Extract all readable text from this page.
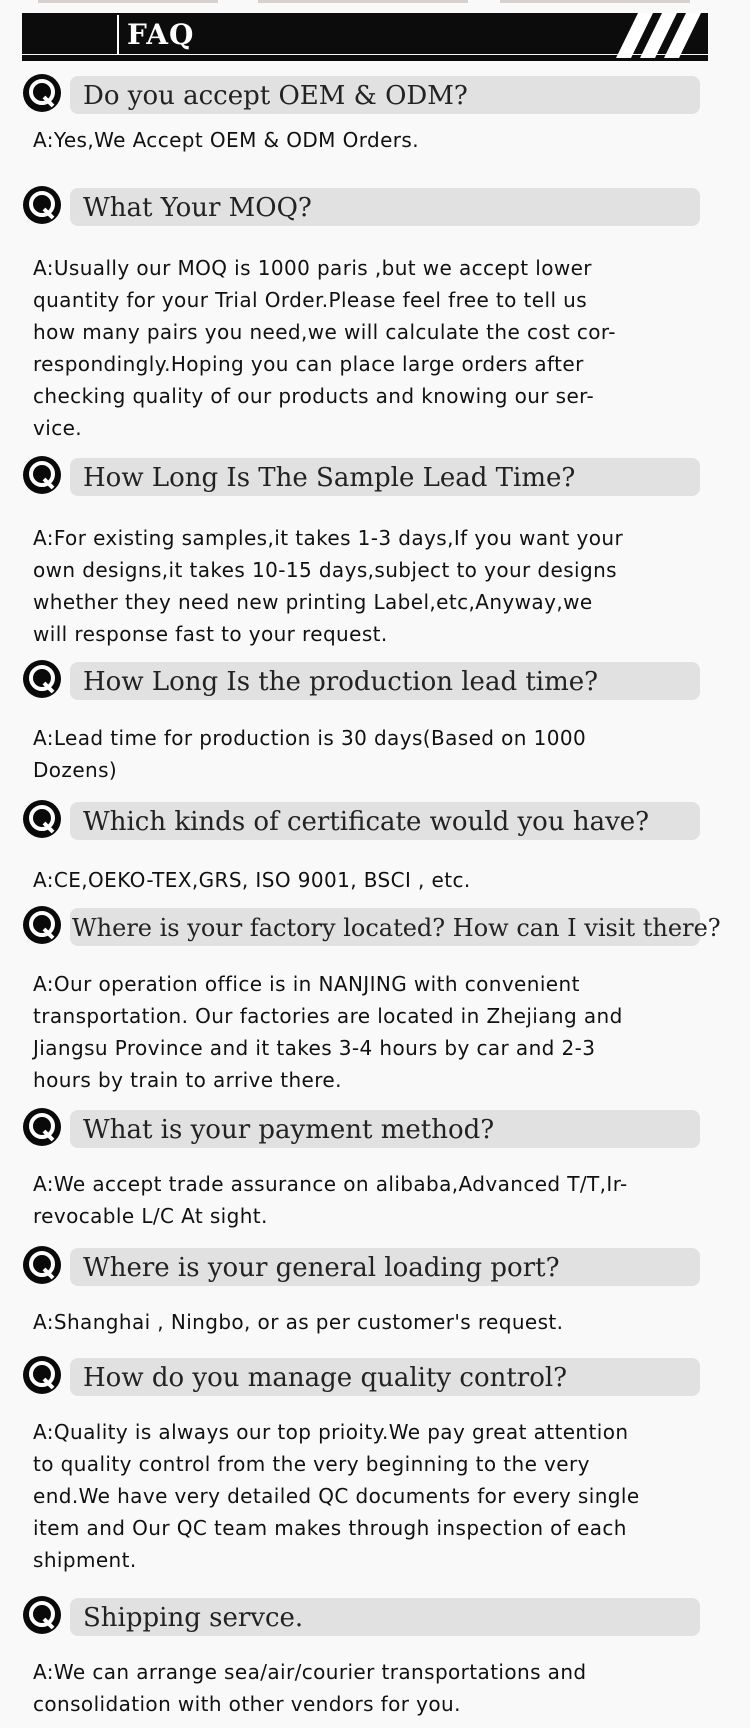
FAQ
Do you accept OEM & ODM?
A:Yes,We Accept OEM & ODM Orders.
What Your MOQ?
A:Usually our MOQ is 1000 paris ,but we accept lower
quantity for your Trial Order.Please feel free to tell us
how many pairs you need,we will calculate the cost cor-
respondingly.Hoping you can place large orders after
checking quality of our products and knowing our ser-
vice.
How Long Is The Sample Lead Time?
A:For existing samples,it takes 1-3 days,If you want your
own designs,it takes 10-15 days,subject to your designs
whether they need new printing Label,etc,Anyway,we
will response fast to your request.
How Long Is the production lead time?
A:Lead time for production is 30 days(Based on 1000
Dozens)
Which kinds of certificate would you have?
A:CE,OEKO-TEX,GRS, ISO 9001, BSCI , etc.
Where is your factory located? How can I visit there?
A:Our operation office is in NANJING with convenient
transportation. Our factories are located in Zhejiang and
Jiangsu Province and it takes 3-4 hours by car and 2-3
hours by train to arrive there.
What is your payment method?
A:We accept trade assurance on alibaba,Advanced T/T,Ir-
revocable L/C At sight.
Where is your general loading port?
A:Shanghai , Ningbo, or as per customer's request.
How do you manage quality control?
A:Quality is always our top prioity.We pay great attention
to quality control from the very beginning to the very
end.We have very detailed QC documents for every single
item and Our QC team makes through inspection of each
shipment.
Shipping servce.
A:We can arrange sea/air/courier transportations and
consolidation with other vendors for you.
